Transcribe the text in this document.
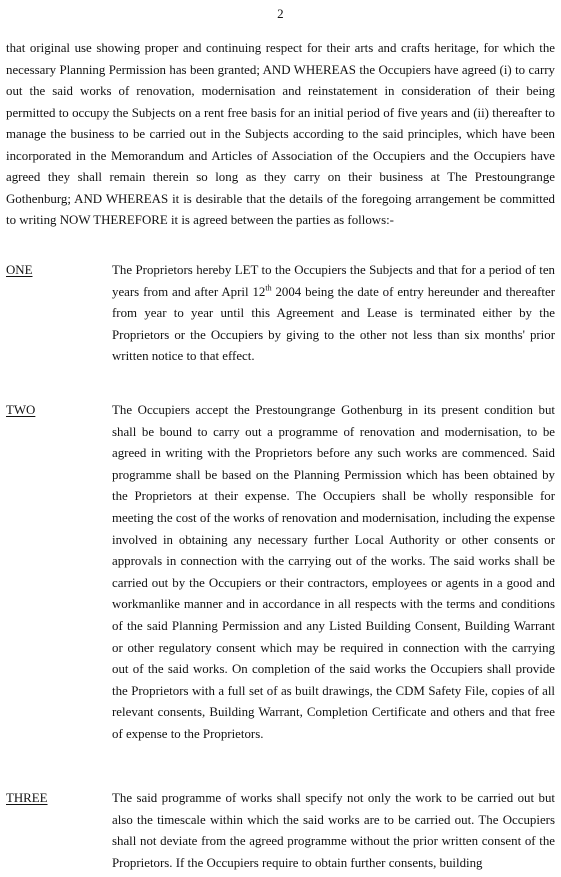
2

that original use showing proper and continuing respect for their arts and crafts heritage, for which the necessary Planning Permission has been granted; AND WHEREAS the Occupiers have agreed (i) to carry out the said works of renovation, modernisation and reinstatement in consideration of their being permitted to occupy the Subjects on a rent free basis for an initial period of five years and (ii) thereafter to manage the business to be carried out in the Subjects according to the said principles, which have been incorporated in the Memorandum and Articles of Association of the Occupiers and the Occupiers have agreed they shall remain therein so long as they carry on their business at The Prestoungrange Gothenburg; AND WHEREAS it is desirable that the details of the foregoing arrangement be committed to writing NOW THEREFORE it is agreed between the parties as follows:-

ONE	The Proprietors hereby LET to the Occupiers the Subjects and that for a period of ten years from and after April 12th 2004 being the date of entry hereunder and thereafter from year to year until this Agreement and Lease is terminated either by the Proprietors or the Occupiers by giving to the other not less than six months' prior written notice to that effect.

TWO	The Occupiers accept the Prestoungrange Gothenburg in its present condition but shall be bound to carry out a programme of renovation and modernisation, to be agreed in writing with the Proprietors before any such works are commenced. Said programme shall be based on the Planning Permission which has been obtained by the Proprietors at their expense. The Occupiers shall be wholly responsible for meeting the cost of the works of renovation and modernisation, including the expense involved in obtaining any necessary further Local Authority or other consents or approvals in connection with the carrying out of the works. The said works shall be carried out by the Occupiers or their contractors, employees or agents in a good and workmanlike manner and in accordance in all respects with the terms and conditions of the said Planning Permission and any Listed Building Consent, Building Warrant or other regulatory consent which may be required in connection with the carrying out of the said works. On completion of the said works the Occupiers shall provide the Proprietors with a full set of as built drawings, the CDM Safety File, copies of all relevant consents, Building Warrant, Completion Certificate and others and that free of expense to the Proprietors.

THREE	The said programme of works shall specify not only the work to be carried out but also the timescale within which the said works are to be carried out. The Occupiers shall not deviate from the agreed programme without the prior written consent of the Proprietors. If the Occupiers require to obtain further consents, building
